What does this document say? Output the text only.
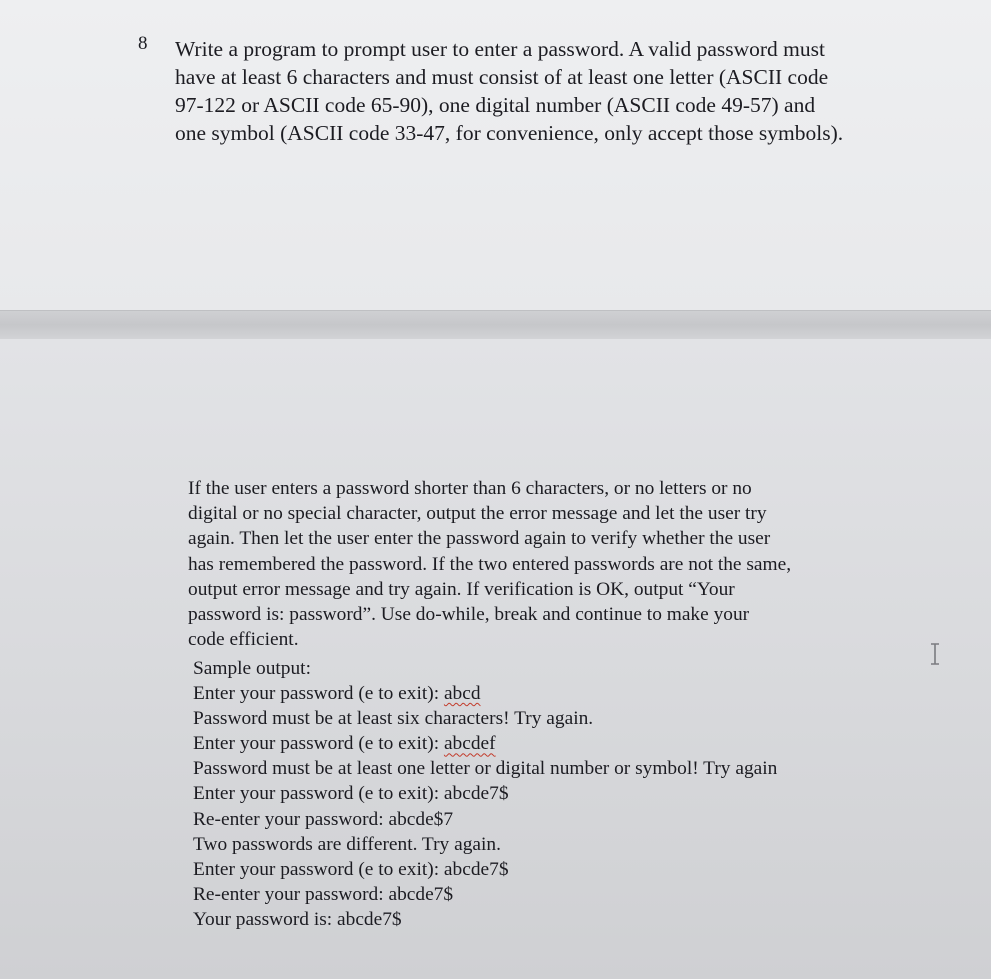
8 Write a program to prompt user to enter a password. A valid password must
have at least 6 characters and must consist of at least one letter (ASCII code
97-122 or ASCII code 65-90), one digital number (ASCII code 49-57) and
one symbol (ASCII code 33-47, for convenience, only accept those symbols).

If the user enters a password shorter than 6 characters, or no letters or no
digital or no special character, output the error message and let the user try
again. Then let the user enter the password again to verify whether the user
has remembered the password. If the two entered passwords are not the same,
output error message and try again. If verification is OK, output “Your
password is: password”. Use do-while, break and continue to make your
code efficient.

Sample output:
Enter your password (e to exit): abcd
Password must be at least six characters! Try again.
Enter your password (e to exit): abcdef
Password must be at least one letter or digital number or symbol! Try again
Enter your password (e to exit): abcde7$
Re-enter your password: abcde$7
Two passwords are different. Try again.
Enter your password (e to exit): abcde7$
Re-enter your password: abcde7$
Your password is: abcde7$
